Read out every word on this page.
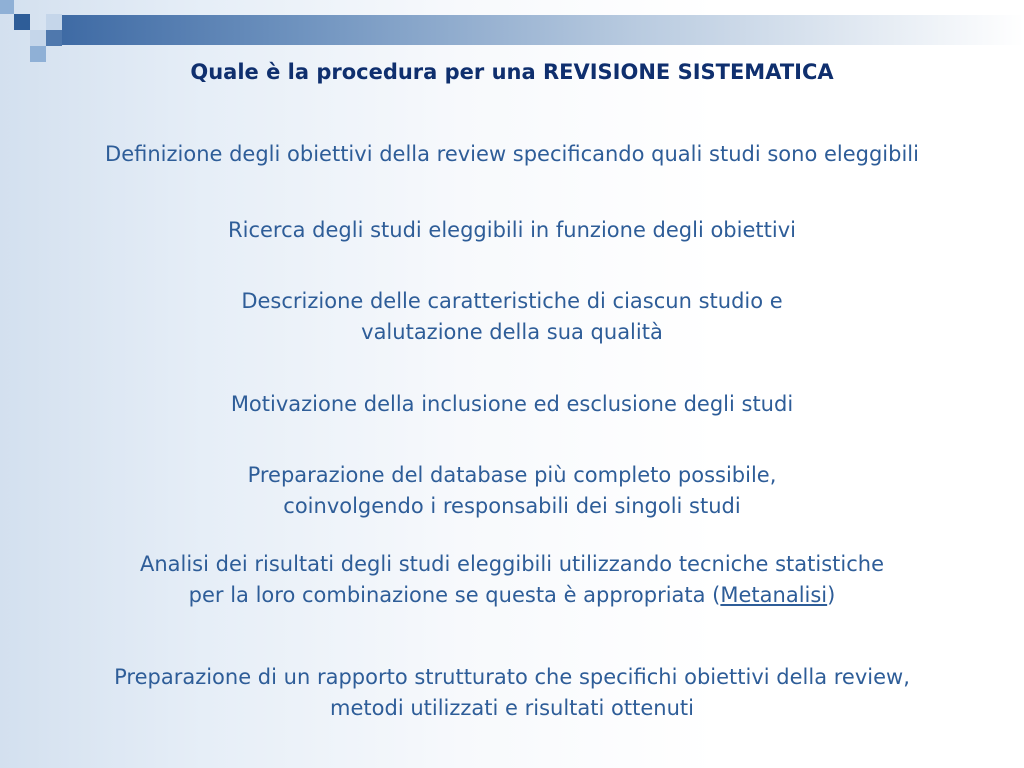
Quale è la procedura per una REVISIONE SISTEMATICA
Definizione degli obiettivi della review specificando quali studi sono eleggibili
Ricerca degli studi eleggibili in funzione degli obiettivi
Descrizione delle caratteristiche di ciascun studio e
valutazione della sua qualità
Motivazione della inclusione ed esclusione degli studi
Preparazione del database più completo possibile,
coinvolgendo i responsabili dei singoli studi
Analisi dei risultati degli studi eleggibili utilizzando tecniche statistiche
per la loro combinazione se questa è appropriata (Metanalisi)
Preparazione di un rapporto strutturato che specifichi obiettivi della review,
metodi utilizzati e risultati ottenuti
